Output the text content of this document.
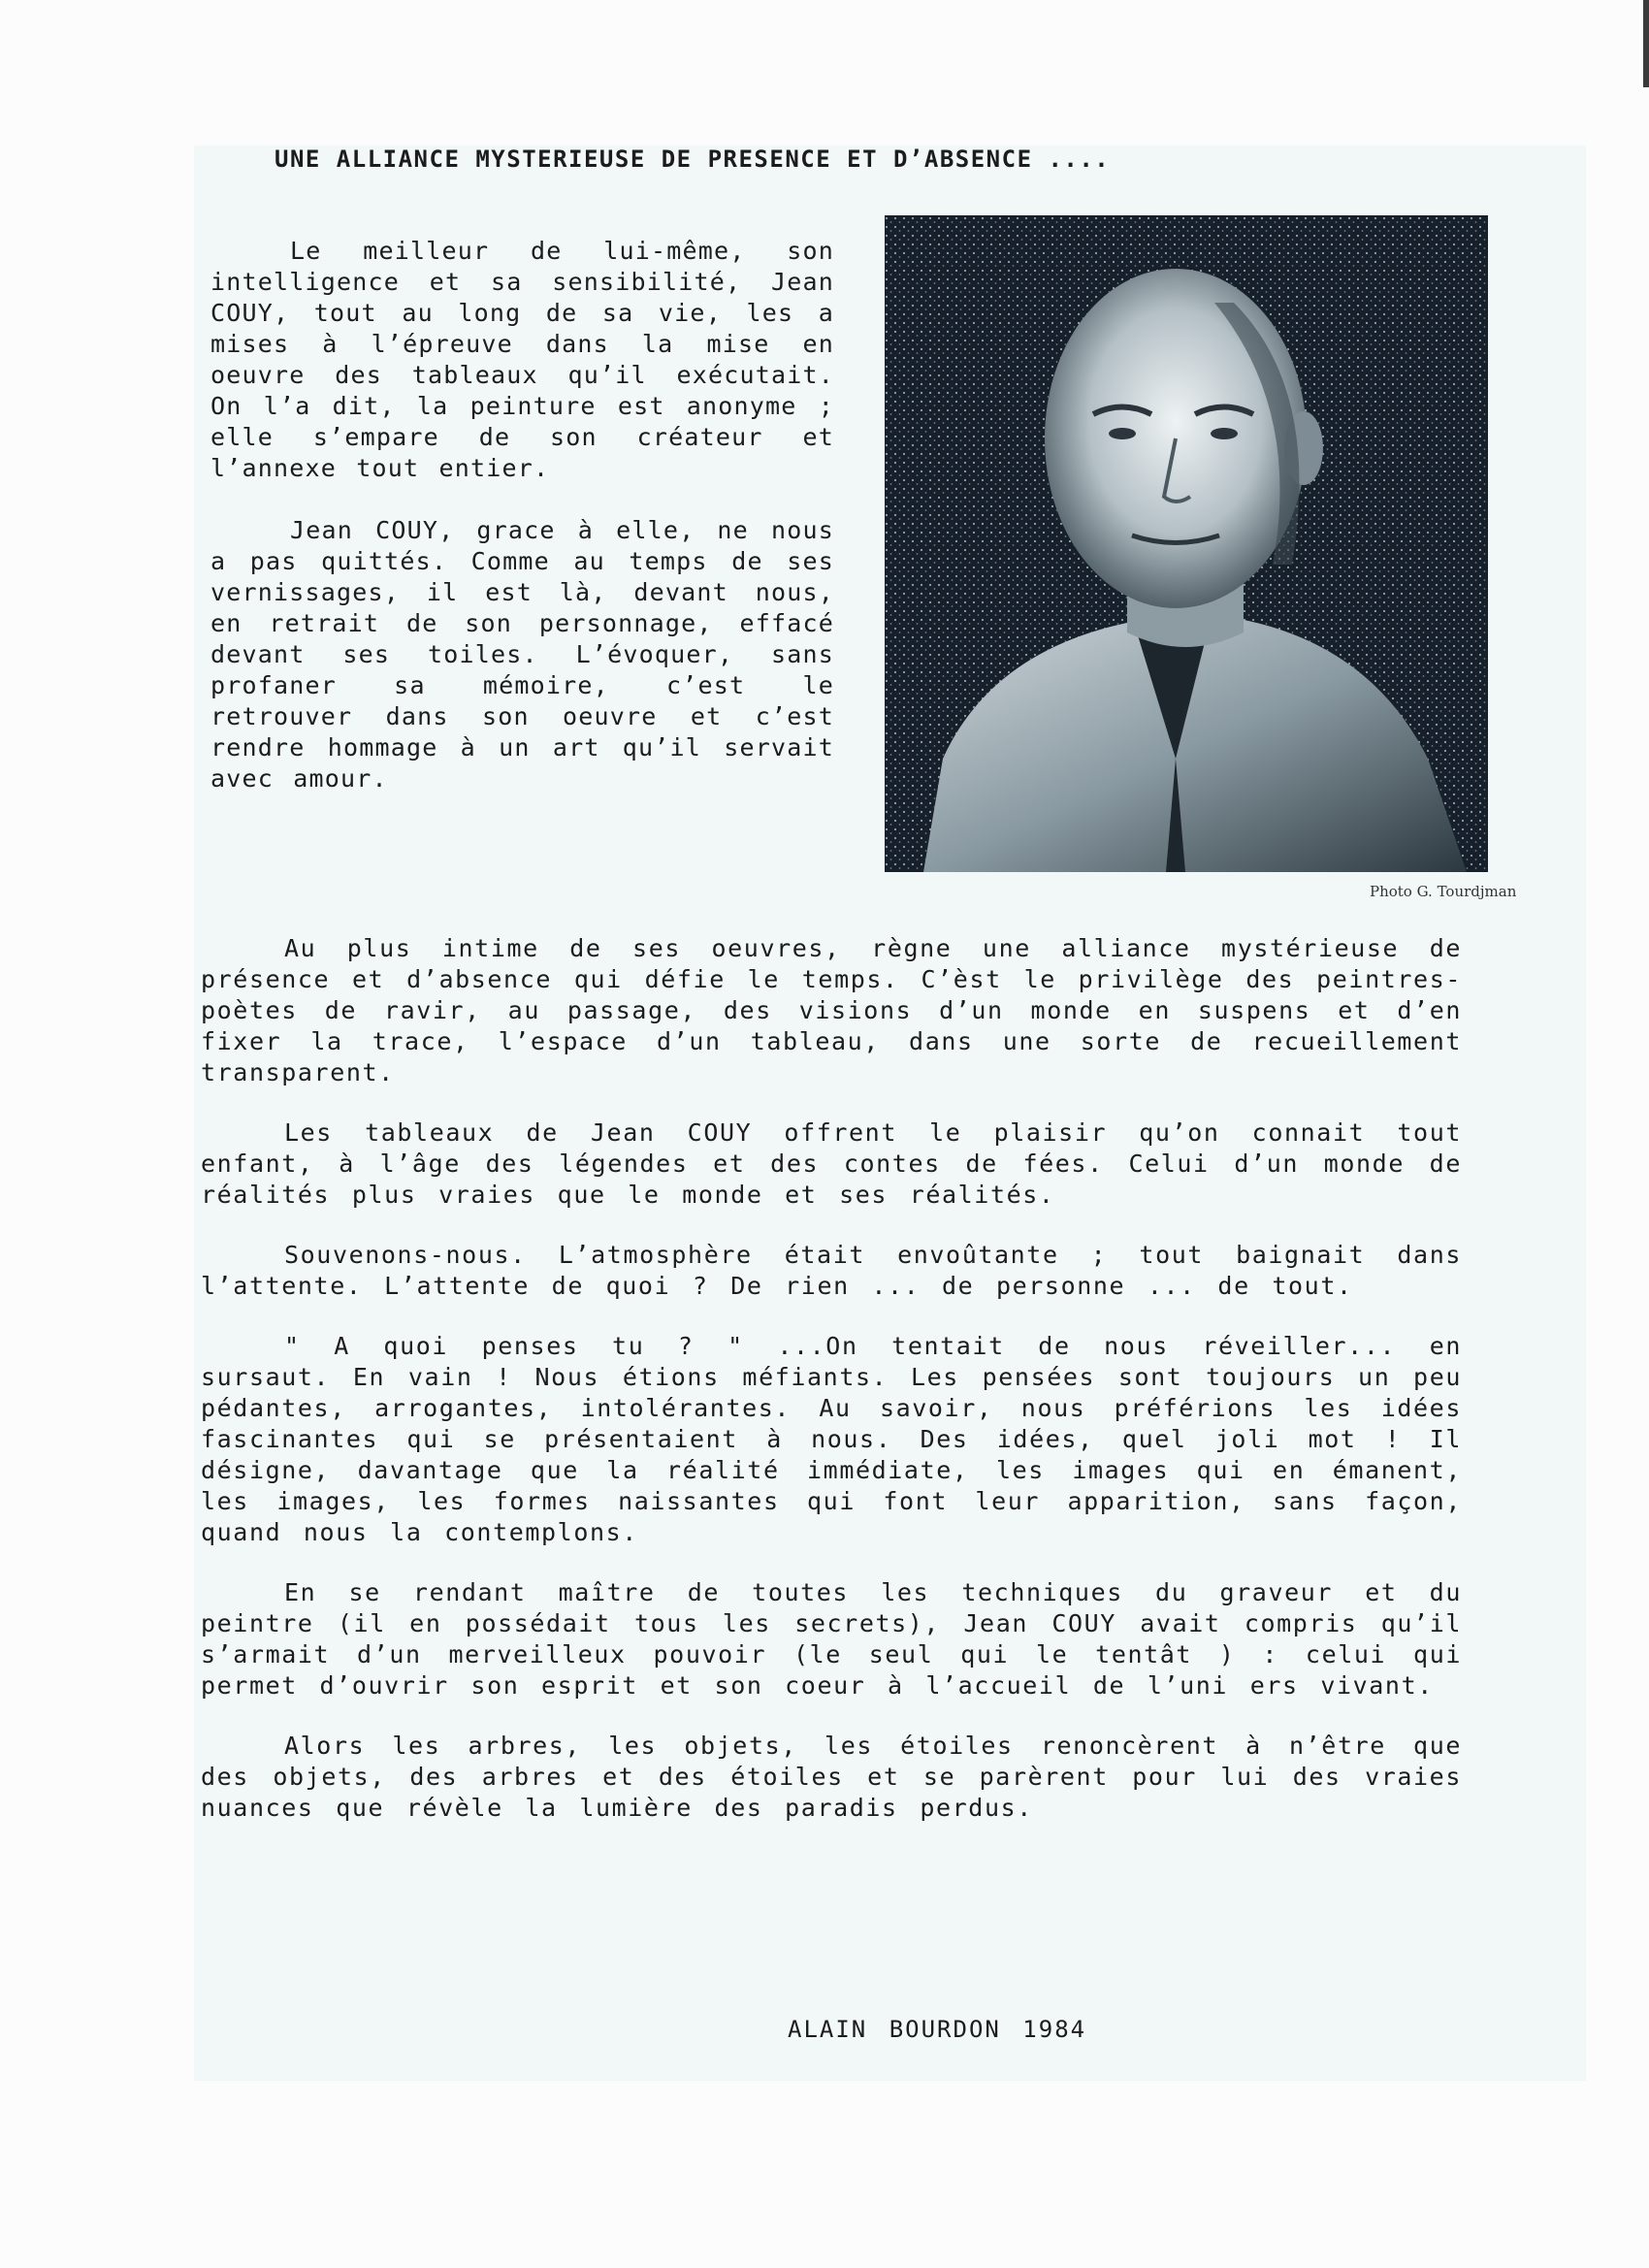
UNE ALLIANCE MYSTERIEUSE DE PRESENCE ET D’ABSENCE ....

Le meilleur de lui-même, son intelligence et sa sensibilité, Jean COUY, tout au long de sa vie, les a mises à l’épreuve dans la mise en oeuvre des tableaux qu’il exécutait. On l’a dit, la peinture est anonyme ; elle s’empare de son créateur et l’annexe tout entier.

Jean COUY, grace à elle, ne nous a pas quittés. Comme au temps de ses vernissages, il est là, devant nous, en retrait de son personnage, effacé devant ses toiles. L’évoquer, sans profaner sa mémoire, c’est le retrouver dans son oeuvre et c’est rendre hommage à un art qu’il servait avec amour.

Photo G. Tourdjman

Au plus intime de ses oeuvres, règne une alliance mystérieuse de présence et d’absence qui défie le temps. C’èst le privilège des peintres-poètes de ravir, au passage, des visions d’un monde en suspens et d’en fixer la trace, l’espace d’un tableau, dans une sorte de recueillement transparent.

Les tableaux de Jean COUY offrent le plaisir qu’on connait tout enfant, à l’âge des légendes et des contes de fées. Celui d’un monde de réalités plus vraies que le monde et ses réalités.

Souvenons-nous. L’atmosphère était envoûtante ; tout baignait dans l’attente. L’attente de quoi ? De rien ... de personne ... de tout.

" A quoi penses tu ? " ...On tentait de nous réveiller... en sursaut. En vain ! Nous étions méfiants. Les pensées sont toujours un peu pédantes, arrogantes, intolérantes. Au savoir, nous préférions les idées fascinantes qui se présentaient à nous. Des idées, quel joli mot ! Il désigne, davantage que la réalité immédiate, les images qui en émanent, les images, les formes naissantes qui font leur apparition, sans façon, quand nous la contemplons.

En se rendant maître de toutes les techniques du graveur et du peintre (il en possédait tous les secrets), Jean COUY avait compris qu’il s’armait d’un merveilleux pouvoir (le seul qui le tentât ) : celui qui permet d’ouvrir son esprit et son coeur à l’accueil de l’uni ers vivant.

Alors les arbres, les objets, les étoiles renoncèrent à n’être que des objets, des arbres et des étoiles et se parèrent pour lui des vraies nuances que révèle la lumière des paradis perdus.

ALAIN BOURDON 1984
